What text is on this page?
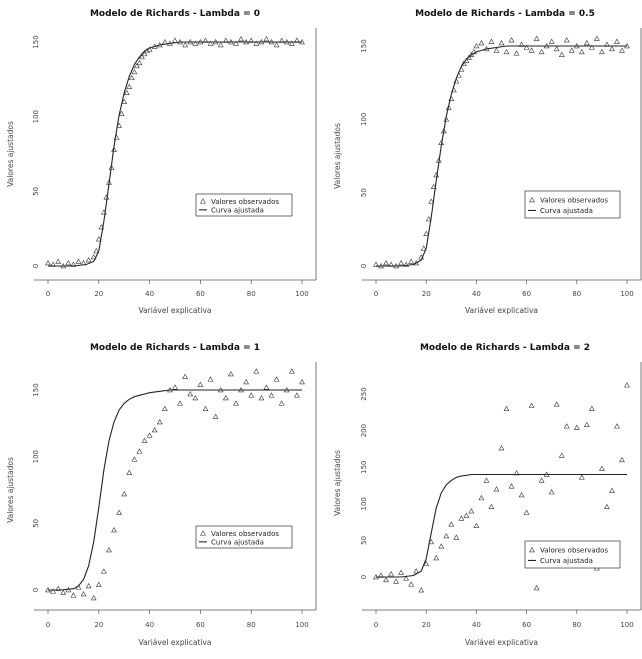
Modelo de Richards - Lambda = 0
0	20	40	60	80	100
0
50
100
150
Variável explicativa
Valores ajustados
Valores observados
Curva ajustada
Modelo de Richards - Lambda = 0.5
0	20	40	60	80	100
0
50
100
150
Variável explicativa
Valores ajustados
Valores observados
Curva ajustada
Modelo de Richards - Lambda = 1
0	20	40	60	80	100
0
50
100
150
Variável explicativa
Valores ajustados
Valores observados
Curva ajustada
Modelo de Richards - Lambda = 2
0	20	40	60	80	100
0
50
100
150
200
250
Variável explicativa
Valores ajustados
Valores observados
Curva ajustada
